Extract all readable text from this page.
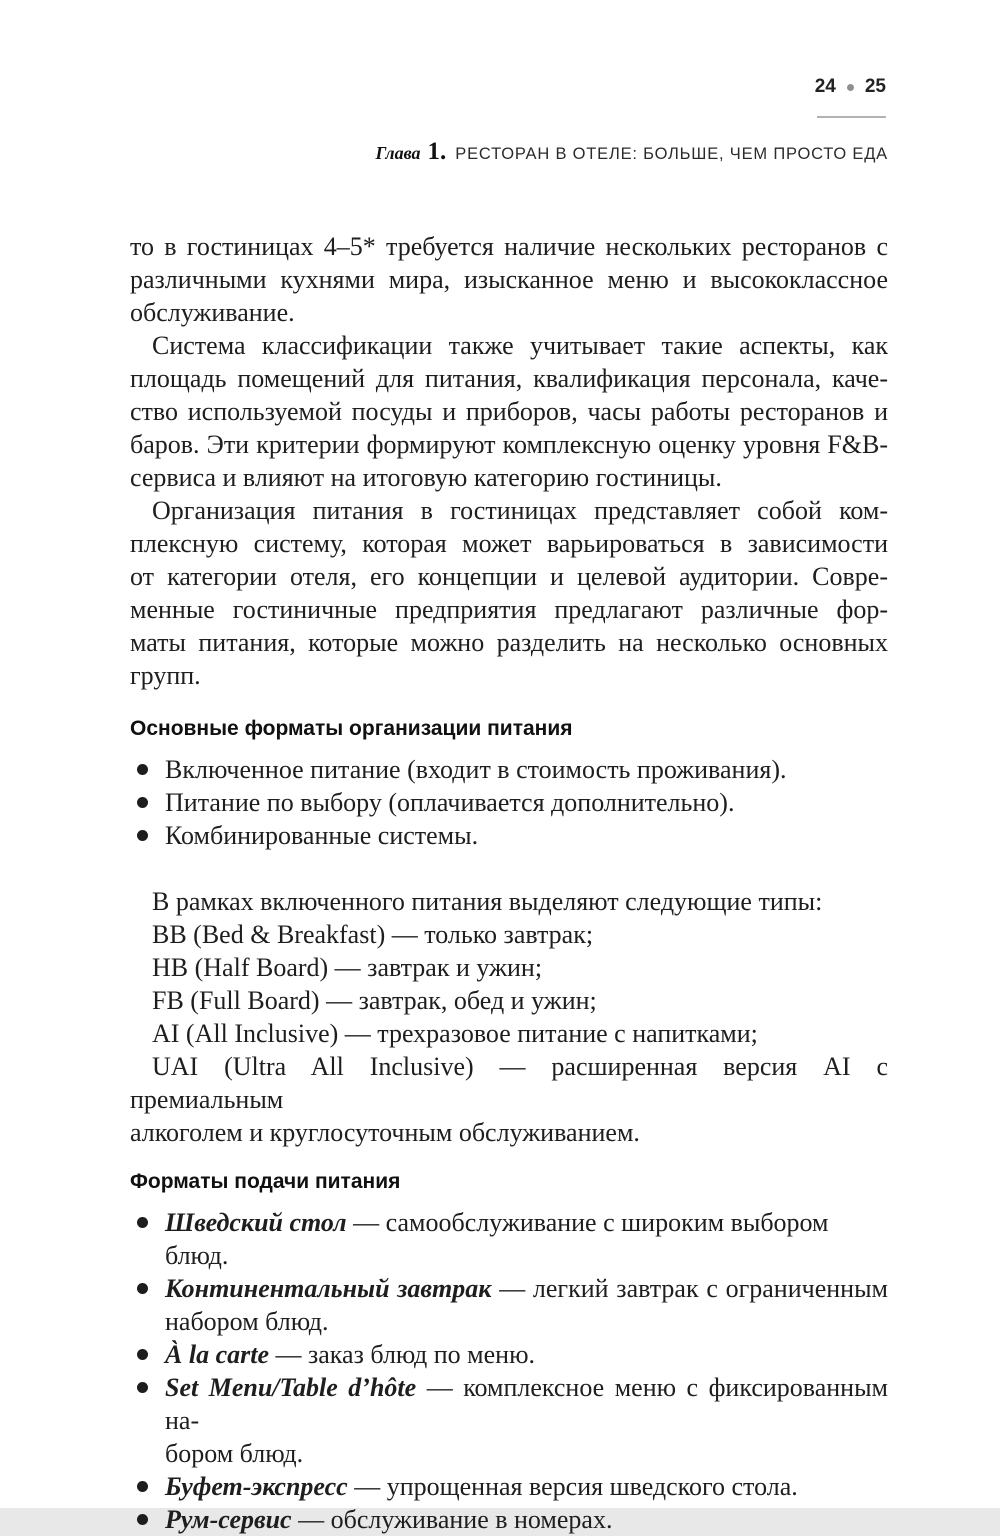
24 25
Глава 1. РЕСТОРАН В ОТЕЛЕ: БОЛЬШЕ, ЧЕМ ПРОСТО ЕДА
то в гостиницах 4–5* требуется наличие нескольких ресторанов с
различными кухнями мира, изысканное меню и высококлассное
обслуживание.
Система классификации также учитывает такие аспекты, как
площадь помещений для питания, квалификация персонала, каче-
ство используемой посуды и приборов, часы работы ресторанов и
баров. Эти критерии формируют комплексную оценку уровня F&B-
сервиса и влияют на итоговую категорию гостиницы.
Организация питания в гостиницах представляет собой ком-
плексную систему, которая может варьироваться в зависимости
от категории отеля, его концепции и целевой аудитории. Совре-
менные гостиничные предприятия предлагают различные фор-
маты питания, которые можно разделить на несколько основных
групп.
Основные форматы организации питания
Включенное питание (входит в стоимость проживания).
Питание по выбору (оплачивается дополнительно).
Комбинированные системы.
В рамках включенного питания выделяют следующие типы:
BB (Bed & Breakfast) — только завтрак;
HB (Half Board) — завтрак и ужин;
FB (Full Board) — завтрак, обед и ужин;
AI (All Inclusive) — трехразовое питание с напитками;
UAI (Ultra All Inclusive) — расширенная версия AI с премиальным
алкоголем и круглосуточным обслуживанием.
Форматы подачи питания
Шведский стол — самообслуживание с широким выбором блюд.
Континентальный завтрак — легкий завтрак с ограниченным
набором блюд.
À la carte — заказ блюд по меню.
Set Menu/Table d’hôte — комплексное меню с фиксированным на-
бором блюд.
Буфет-экспресс — упрощенная версия шведского стола.
Рум-сервис — обслуживание в номерах.
